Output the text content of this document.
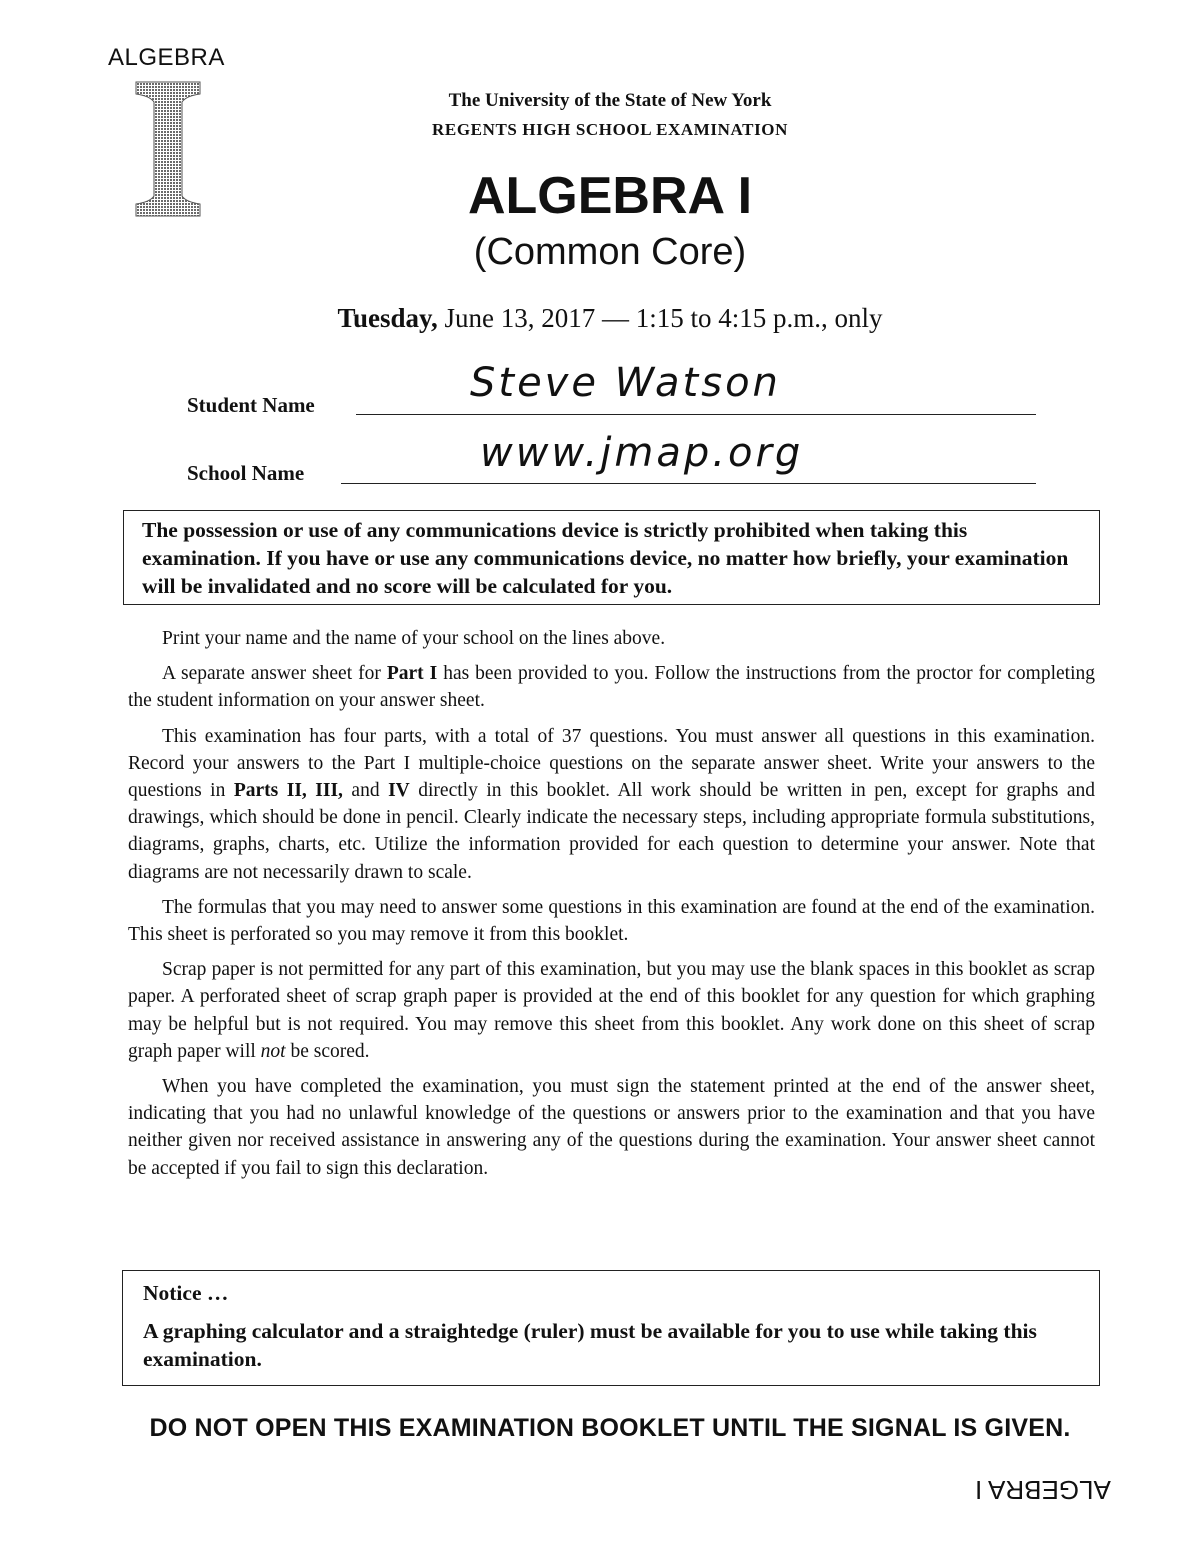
ALGEBRA
I
The University of the State of New York
REGENTS HIGH SCHOOL EXAMINATION
ALGEBRA I
(Common Core)
Tuesday, June 13, 2017 — 1:15 to 4:15 p.m., only
Student Name	Steve Watson
School Name	www.jmap.org
The possession or use of any communications device is strictly prohibited when taking this examination. If you have or use any communications device, no matter how briefly, your examination will be invalidated and no score will be calculated for you.

Print your name and the name of your school on the lines above.

A separate answer sheet for Part I has been provided to you. Follow the instructions from the proctor for completing the student information on your answer sheet.

This examination has four parts, with a total of 37 questions. You must answer all questions in this examination. Record your answers to the Part I multiple-choice questions on the separate answer sheet. Write your answers to the questions in Parts II, III, and IV directly in this booklet. All work should be written in pen, except for graphs and drawings, which should be done in pencil. Clearly indicate the necessary steps, including appropriate formula substitutions, diagrams, graphs, charts, etc. Utilize the information provided for each question to determine your answer. Note that diagrams are not necessarily drawn to scale.

The formulas that you may need to answer some questions in this examination are found at the end of the examination. This sheet is perforated so you may remove it from this booklet.

Scrap paper is not permitted for any part of this examination, but you may use the blank spaces in this booklet as scrap paper. A perforated sheet of scrap graph paper is provided at the end of this booklet for any question for which graphing may be helpful but is not required. You may remove this sheet from this booklet. Any work done on this sheet of scrap graph paper will not be scored.

When you have completed the examination, you must sign the statement printed at the end of the answer sheet, indicating that you had no unlawful knowledge of the questions or answers prior to the examination and that you have neither given nor received assistance in answering any of the questions during the examination. Your answer sheet cannot be accepted if you fail to sign this declaration.

Notice …
A graphing calculator and a straightedge (ruler) must be available for you to use while taking this examination.
DO NOT OPEN THIS EXAMINATION BOOKLET UNTIL THE SIGNAL IS GIVEN.
ALGEBRA I
